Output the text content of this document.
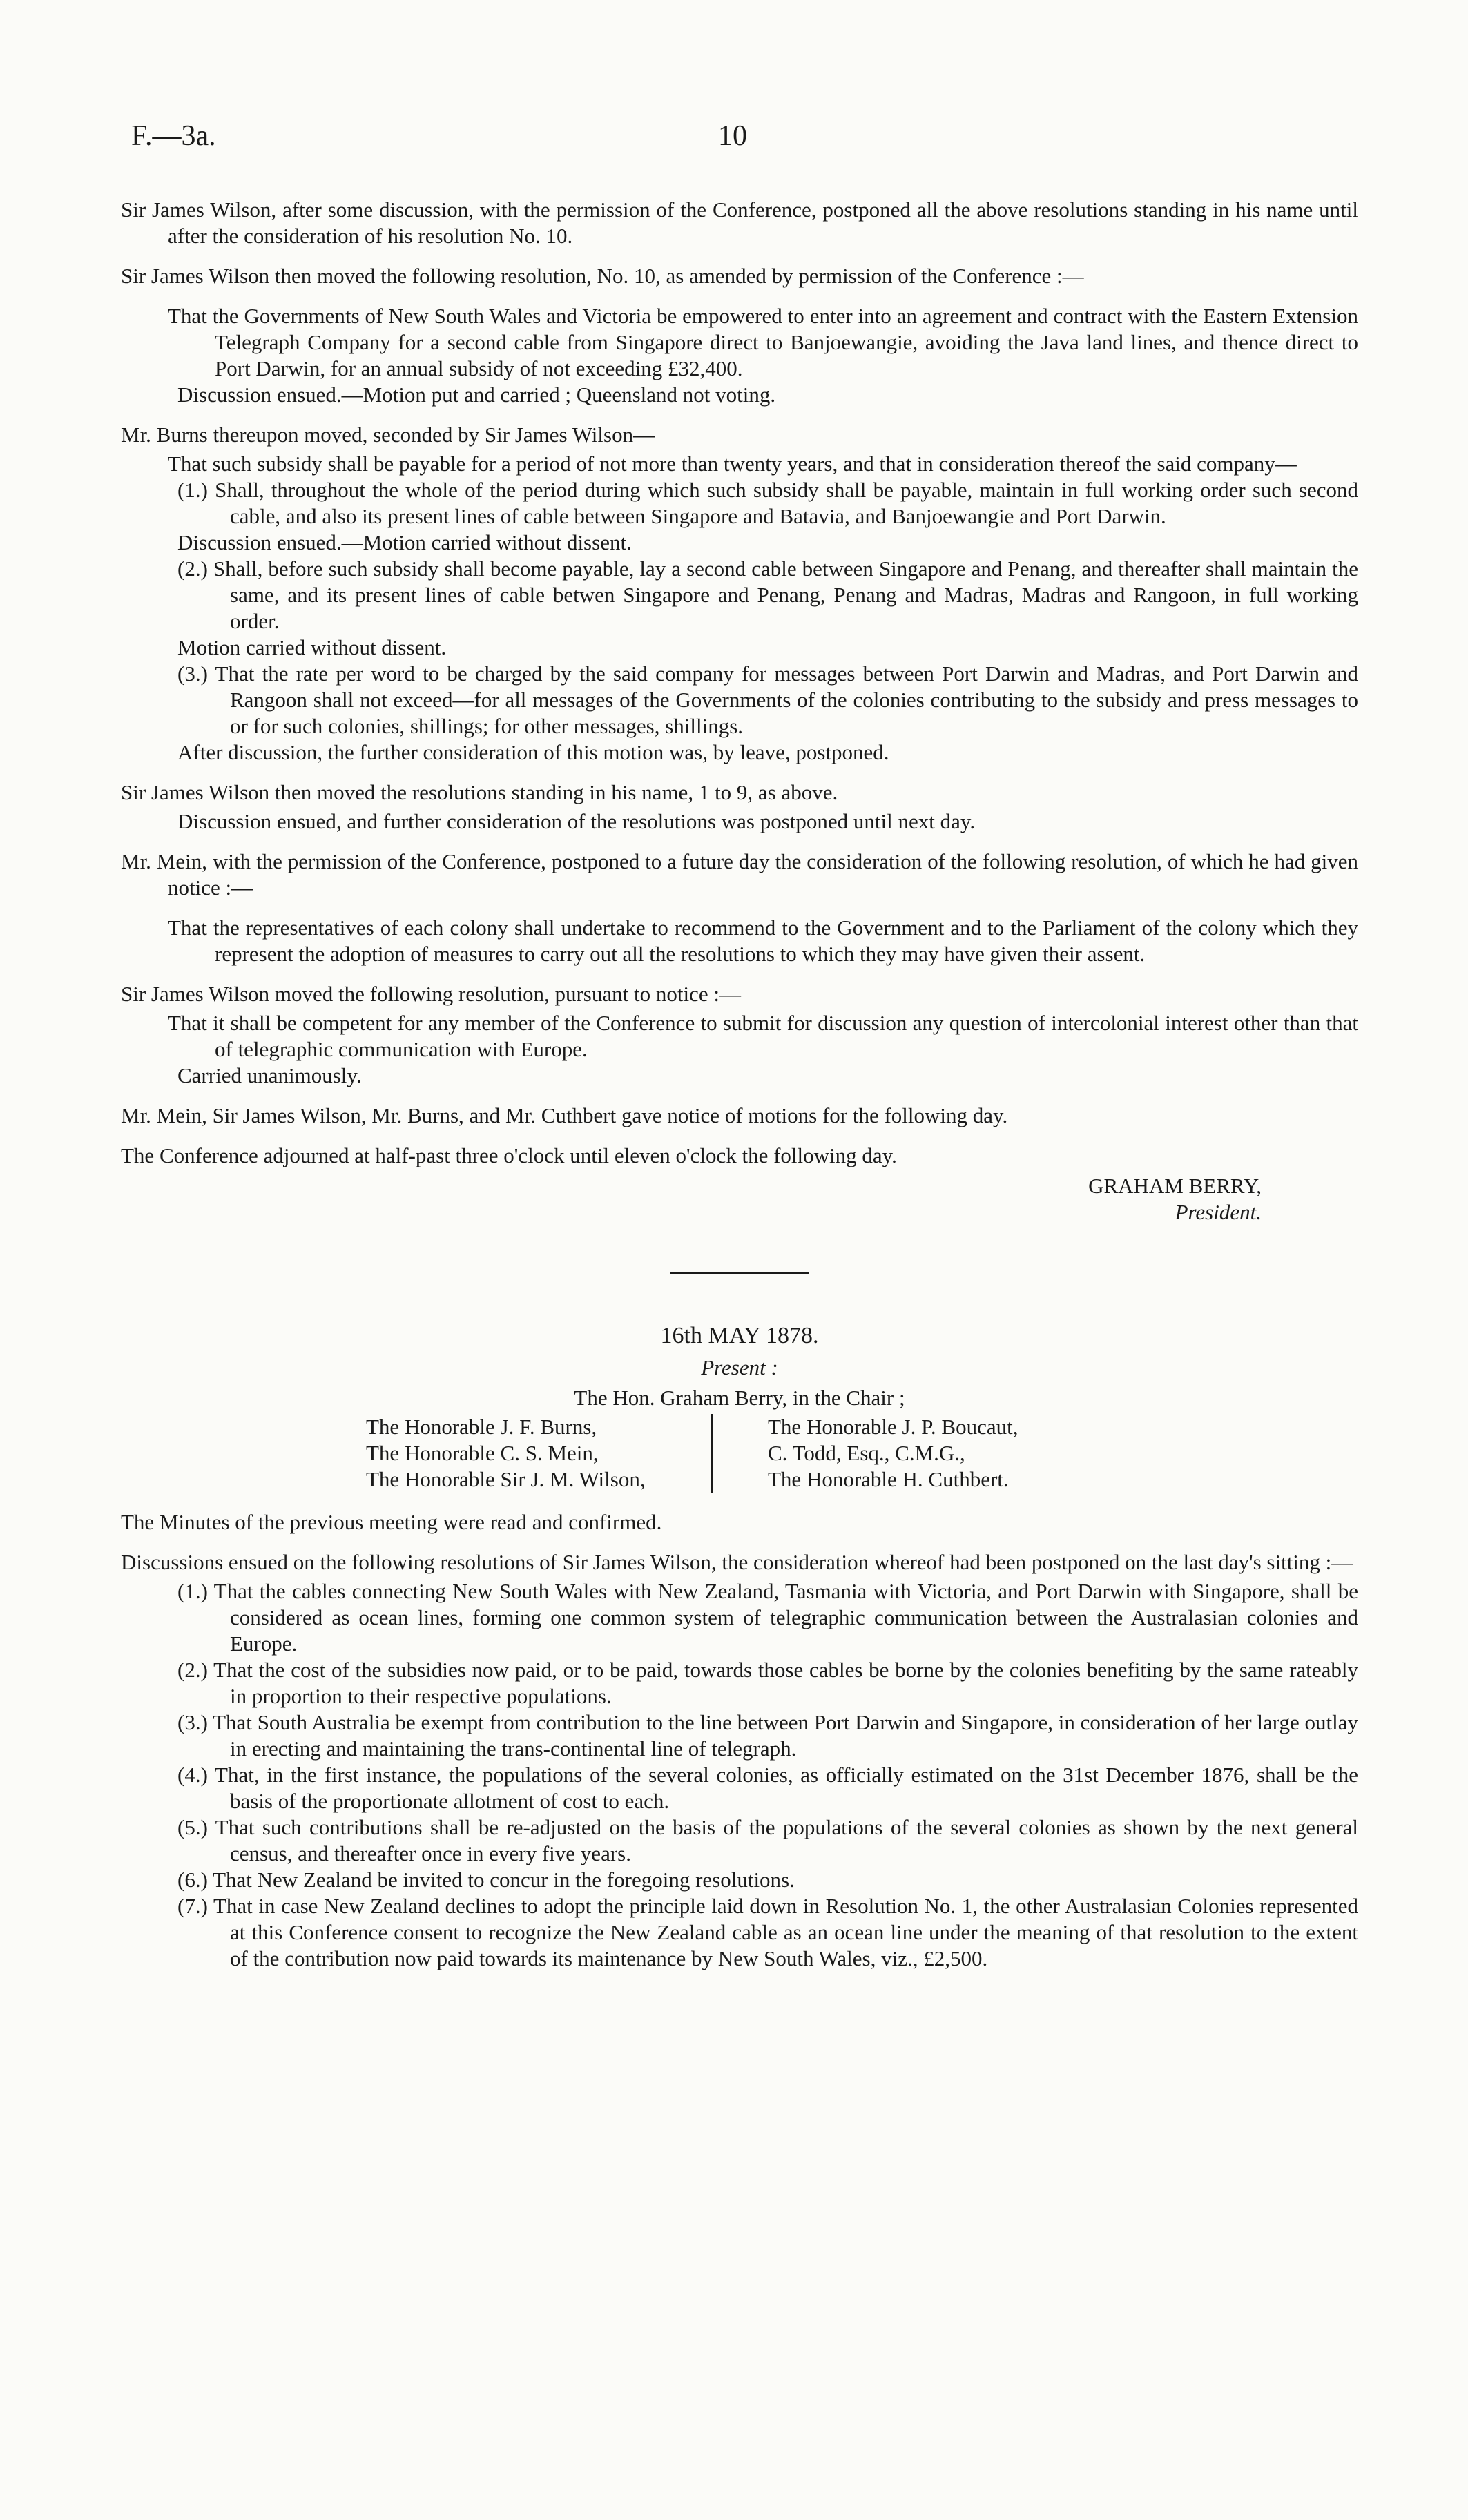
F.—3a.	10

Sir James Wilson, after some discussion, with the permission of the Conference, postponed all the above resolutions standing in his name until after the consideration of his resolution No. 10.

Sir James Wilson then moved the following resolution, No. 10, as amended by permission of the Conference :—

That the Governments of New South Wales and Victoria be empowered to enter into an agreement and contract with the Eastern Extension Telegraph Company for a second cable from Singapore direct to Banjoewangie, avoiding the Java land lines, and thence direct to Port Darwin, for an annual subsidy of not exceeding £32,400.

Discussion ensued.—Motion put and carried ; Queensland not voting.

Mr. Burns thereupon moved, seconded by Sir James Wilson—

That such subsidy shall be payable for a period of not more than twenty years, and that in consideration thereof the said company—

(1.) Shall, throughout the whole of the period during which such subsidy shall be payable, maintain in full working order such second cable, and also its present lines of cable between Singapore and Batavia, and Banjoewangie and Port Darwin.

Discussion ensued.—Motion carried without dissent.

(2.) Shall, before such subsidy shall become payable, lay a second cable between Singapore and Penang, and thereafter shall maintain the same, and its present lines of cable betwen Singapore and Penang, Penang and Madras, Madras and Rangoon, in full working order.

Motion carried without dissent.

(3.) That the rate per word to be charged by the said company for messages between Port Darwin and Madras, and Port Darwin and Rangoon shall not exceed—for all messages of the Governments of the colonies contributing to the subsidy and press messages to or for such colonies, shillings; for other messages, shillings.

After discussion, the further consideration of this motion was, by leave, postponed.

Sir James Wilson then moved the resolutions standing in his name, 1 to 9, as above.

Discussion ensued, and further consideration of the resolutions was postponed until next day.

Mr. Mein, with the permission of the Conference, postponed to a future day the consideration of the following resolution, of which he had given notice :—

That the representatives of each colony shall undertake to recommend to the Government and to the Parliament of the colony which they represent the adoption of measures to carry out all the resolutions to which they may have given their assent.

Sir James Wilson moved the following resolution, pursuant to notice :—

That it shall be competent for any member of the Conference to submit for discussion any question of intercolonial interest other than that of telegraphic communication with Europe.

Carried unanimously.

Mr. Mein, Sir James Wilson, Mr. Burns, and Mr. Cuthbert gave notice of motions for the following day.

The Conference adjourned at half-past three o'clock until eleven o'clock the following day.

GRAHAM BERRY,
President.
16th MAY 1878.
Present :
The Hon. Graham Berry, in the Chair ;
The Honorable J. F. Burns,
The Honorable C. S. Mein,
The Honorable Sir J. M. Wilson,
The Honorable J. P. Boucaut,
C. Todd, Esq., C.M.G.,
The Honorable H. Cuthbert.

The Minutes of the previous meeting were read and confirmed.

Discussions ensued on the following resolutions of Sir James Wilson, the consideration whereof had been postponed on the last day's sitting :—

(1.) That the cables connecting New South Wales with New Zealand, Tasmania with Victoria, and Port Darwin with Singapore, shall be considered as ocean lines, forming one common system of telegraphic communication between the Australasian colonies and Europe.

(2.) That the cost of the subsidies now paid, or to be paid, towards those cables be borne by the colonies benefiting by the same rateably in proportion to their respective populations.

(3.) That South Australia be exempt from contribution to the line between Port Darwin and Singapore, in consideration of her large outlay in erecting and maintaining the trans-continental line of telegraph.

(4.) That, in the first instance, the populations of the several colonies, as officially estimated on the 31st December 1876, shall be the basis of the proportionate allotment of cost to each.

(5.) That such contributions shall be re-adjusted on the basis of the populations of the several colonies as shown by the next general census, and thereafter once in every five years.

(6.) That New Zealand be invited to concur in the foregoing resolutions.

(7.) That in case New Zealand declines to adopt the principle laid down in Resolution No. 1, the other Australasian Colonies represented at this Conference consent to recognize the New Zealand cable as an ocean line under the meaning of that resolution to the extent of the contribution now paid towards its maintenance by New South Wales, viz., £2,500.
